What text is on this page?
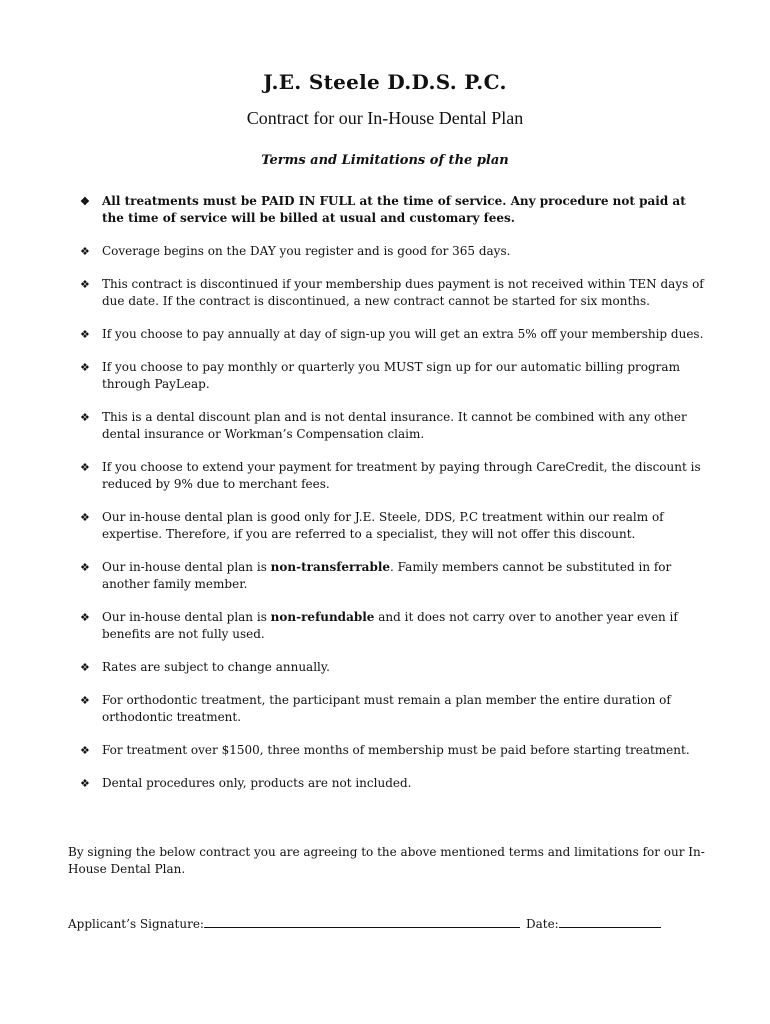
J.E. Steele D.D.S. P.C.
Contract for our In-House Dental Plan
Terms and Limitations of the plan
❖ All treatments must be PAID IN FULL at the time of service. Any procedure not paid at the time of service will be billed at usual and customary fees.
❖ Coverage begins on the DAY you register and is good for 365 days.
❖ This contract is discontinued if your membership dues payment is not received within TEN days of due date. If the contract is discontinued, a new contract cannot be started for six months.
❖ If you choose to pay annually at day of sign-up you will get an extra 5% off your membership dues.
❖ If you choose to pay monthly or quarterly you MUST sign up for our automatic billing program through PayLeap.
❖ This is a dental discount plan and is not dental insurance. It cannot be combined with any other dental insurance or Workman’s Compensation claim.
❖ If you choose to extend your payment for treatment by paying through CareCredit, the discount is reduced by 9% due to merchant fees.
❖ Our in-house dental plan is good only for J.E. Steele, DDS, P.C treatment within our realm of expertise. Therefore, if you are referred to a specialist, they will not offer this discount.
❖ Our in-house dental plan is non-transferrable. Family members cannot be substituted in for another family member.
❖ Our in-house dental plan is non-refundable and it does not carry over to another year even if benefits are not fully used.
❖ Rates are subject to change annually.
❖ For orthodontic treatment, the participant must remain a plan member the entire duration of orthodontic treatment.
❖ For treatment over $1500, three months of membership must be paid before starting treatment.
❖ Dental procedures only, products are not included.
By signing the below contract you are agreeing to the above mentioned terms and limitations for our In-House Dental Plan.
Applicant’s Signature:	Date:
